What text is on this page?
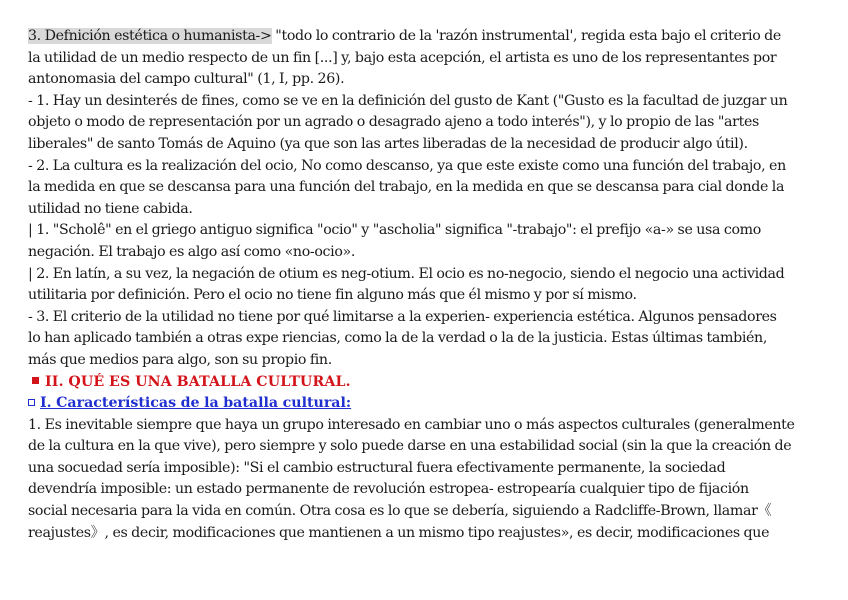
3. Defnición estética o humanista-> "todo lo contrario de la 'razón instrumental', regida esta bajo el criterio de

la utilidad de un medio respecto de un fin [...] y, bajo esta acepción, el artista es uno de los representantes por

antonomasia del campo cultural" (1, I, pp. 26).

- 1. Hay un desinterés de fines, como se ve en la definición del gusto de Kant ("Gusto es la facultad de juzgar un

objeto o modo de representación por un agrado o desagrado ajeno a todo interés"), y lo propio de las "artes

liberales" de santo Tomás de Aquino (ya que son las artes liberadas de la necesidad de producir algo útil).

- 2. La cultura es la realización del ocio, No como descanso, ya que este existe como una función del trabajo, en

la medida en que se descansa para una función del trabajo, en la medida en que se descansa para cial donde la

utilidad no tiene cabida.

| 1. "Scholê" en el griego antiguo significa "ocio" y "ascholia" significa "-trabajo": el prefijo «a-» se usa como

negación. El trabajo es algo así como «no-ocio».

| 2. En latín, a su vez, la negación de otium es neg-otium. El ocio es no-negocio, siendo el negocio una actividad

utilitaria por definición. Pero el ocio no tiene fin alguno más que él mismo y por sí mismo.

- 3. El criterio de la utilidad no tiene por qué limitarse a la experien- experiencia estética. Algunos pensadores

lo han aplicado también a otras expe riencias, como la de la verdad o la de la justicia. Estas últimas también,

más que medios para algo, son su propio fin.

II. QUÉ ES UNA BATALLA CULTURAL.

I. Características de la batalla cultural:

1. Es inevitable siempre que haya un grupo interesado en cambiar uno o más aspectos culturales (generalmente

de la cultura en la que vive), pero siempre y solo puede darse en una estabilidad social (sin la que la creación de

una socuedad sería imposible): "Si el cambio estructural fuera efectivamente permanente, la sociedad

devendría imposible: un estado permanente de revolución estropea- estropearía cualquier tipo de fijación

social necesaria para la vida en común. Otra cosa es lo que se debería, siguiendo a Radcliffe-Brown, llamar《

reajustes》, es decir, modificaciones que mantienen a un mismo tipo reajustes», es decir, modificaciones que
